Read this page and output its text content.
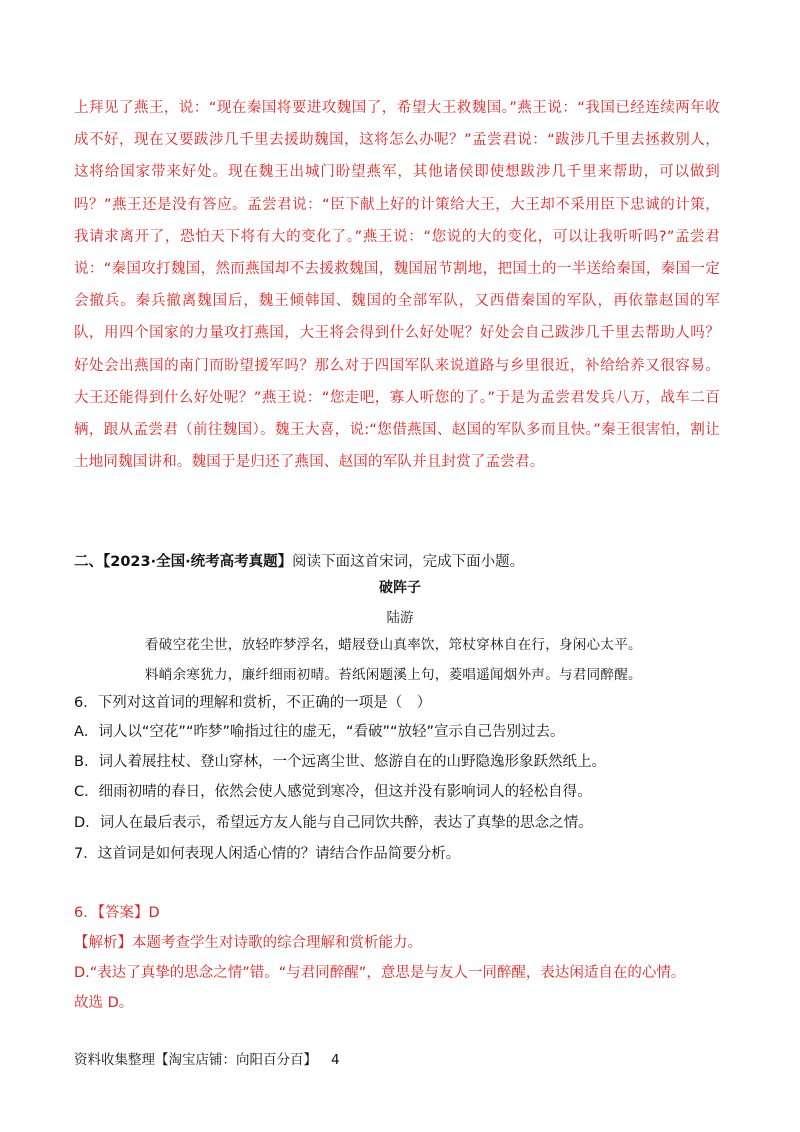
上拜见了燕王，说：“现在秦国将要进攻魏国了，希望大王救魏国。”燕王说：“我国已经连续两年收成不好，现在又要跋涉几千里去援助魏国，这将怎么办呢？”孟尝君说：“跋涉几千里去拯救别人，这将给国家带来好处。现在魏王出城门盼望燕军，其他诸侯即使想跋涉几千里来帮助，可以做到吗？”燕王还是没有答应。孟尝君说：“臣下献上好的计策给大王，大王却不采用臣下忠诚的计策，我请求离开了，恐怕天下将有大的变化了。”燕王说：“您说的大的变化，可以让我听听吗?”孟尝君说：“秦国攻打魏国，然而燕国却不去援救魏国，魏国屈节割地，把国土的一半送给秦国，秦国一定会撤兵。秦兵撤离魏国后，魏王倾韩国、魏国的全部军队，又西借秦国的军队，再依靠赵国的军队，用四个国家的力量攻打燕国，大王将会得到什么好处呢？好处会自己跋涉几千里去帮助人吗？好处会出燕国的南门而盼望援军吗？那么对于四国军队来说道路与乡里很近，补给给养又很容易。大王还能得到什么好处呢？”燕王说：“您走吧，寡人听您的了。”于是为孟尝君发兵八万，战车二百辆，跟从孟尝君（前往魏国）。魏王大喜，说:“您借燕国、赵国的军队多而且快。”秦王很害怕，割让土地同魏国讲和。魏国于是归还了燕国、赵国的军队并且封赏了孟尝君。
二、【2023·全国·统考高考真题】阅读下面这首宋词，完成下面小题。
破阵子
陆游
看破空花尘世，放轻昨梦浮名，蜡屐登山真率饮，筇杖穿林自在行，身闲心太平。
料峭余寒犹力，廉纤细雨初晴。苔纸闲题溪上句，菱唱遥闻烟外声。与君同醉醒。
6．下列对这首词的理解和赏析，不正确的一项是（　）
A．词人以“空花”“昨梦”喻指过往的虚无，“看破”“放轻”宣示自己告别过去。
B．词人着展拄杖、登山穿林，一个远离尘世、悠游自在的山野隐逸形象跃然纸上。
C．细雨初晴的春日，依然会使人感觉到寒冷，但这并没有影响词人的轻松自得。
D．词人在最后表示，希望远方友人能与自己同饮共醉，表达了真挚的思念之情。
7．这首词是如何表现人闲适心情的？请结合作品简要分析。
6．【答案】D
【解析】本题考查学生对诗歌的综合理解和赏析能力。
D.“表达了真挚的思念之情”错。“与君同醉醒”，意思是与友人一同醉醒，表达闲适自在的心情。
故选 D。
资料收集整理【淘宝店铺：向阳百分百】 4
